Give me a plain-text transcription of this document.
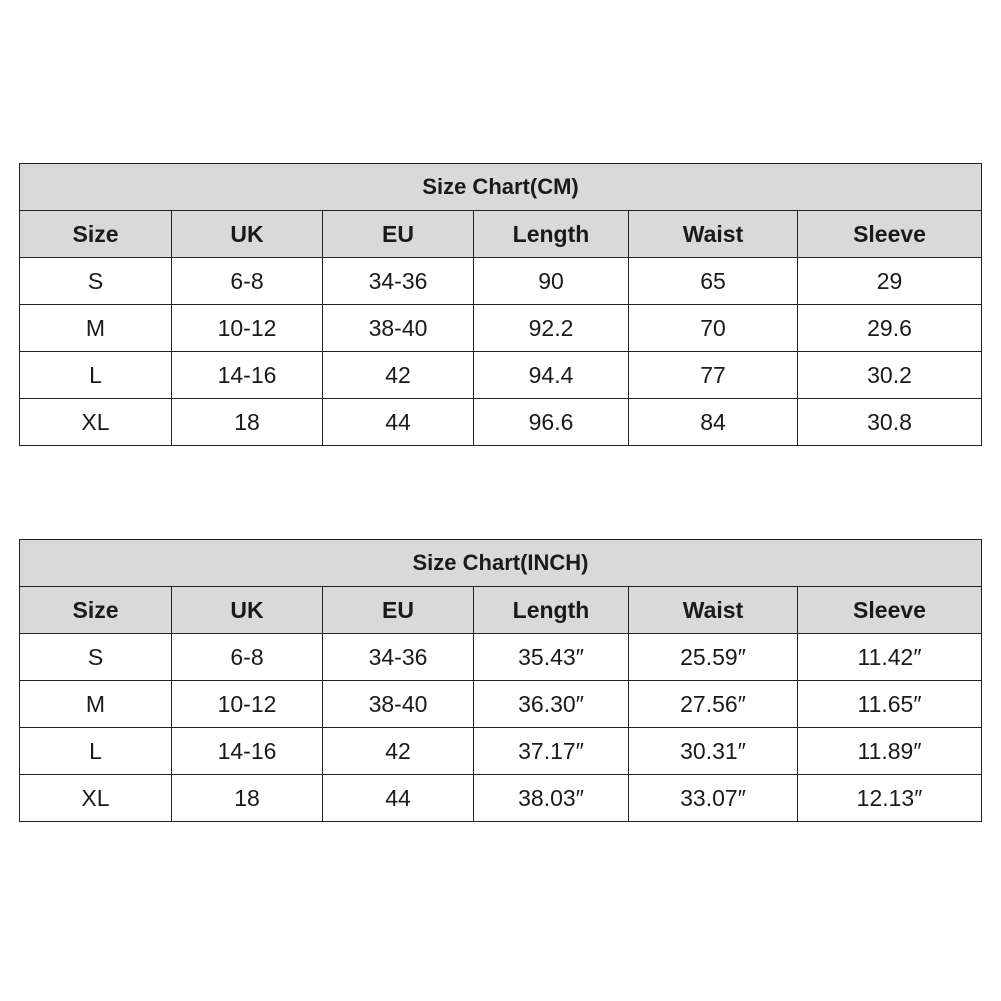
Size Chart(CM)					
Size	UK	EU	Length	Waist	Sleeve
S	6-8	34-36	90	65	29
M	10-12	38-40	92.2	70	29.6
L	14-16	42	94.4	77	30.2
XL	18	44	96.6	84	30.8
Size Chart(INCH)					
Size	UK	EU	Length	Waist	Sleeve
S	6-8	34-36	35.43″	25.59″	11.42″
M	10-12	38-40	36.30″	27.56″	11.65″
L	14-16	42	37.17″	30.31″	11.89″
XL	18	44	38.03″	33.07″	12.13″
